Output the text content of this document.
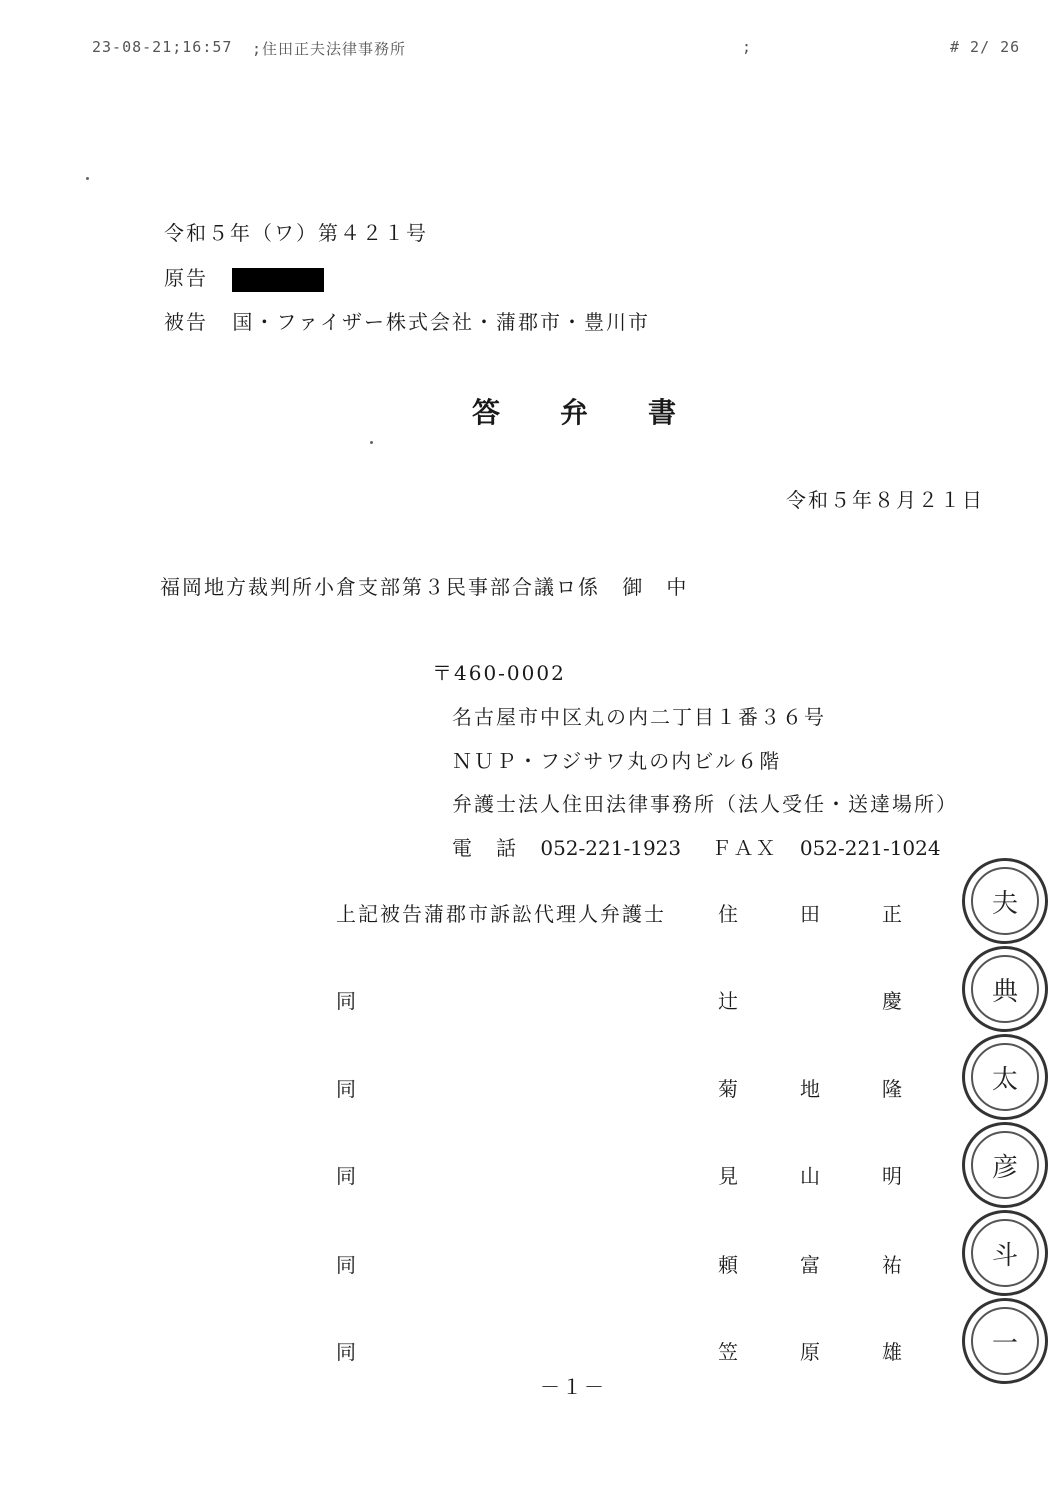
23-08-21;16:57 ;住田正夫法律事務所	;	# 2/ 26
令和５年（ワ）第４２１号
原告
被告 国・ファイザー株式会社・蒲郡市・豊川市
答 弁 書
令和５年８月２１日
福岡地方裁判所小倉支部第３民事部合議ロ係 御　中
〒460-0002
名古屋市中区丸の内二丁目１番３６号
ＮＵＰ・フジサワ丸の内ビル６階
弁護士法人住田法律事務所（法人受任・送達場所）
電　話 052-221-1923 ＦＡＸ 052-221-1024
上記被告蒲郡市訴訟代理人弁護士	住	田	正	夫
同	辻	慶	典
同	菊	地	隆	太
同	見	山	明	彦
同	頼	富	祐	斗
同	笠	原	雄	一
－１－
